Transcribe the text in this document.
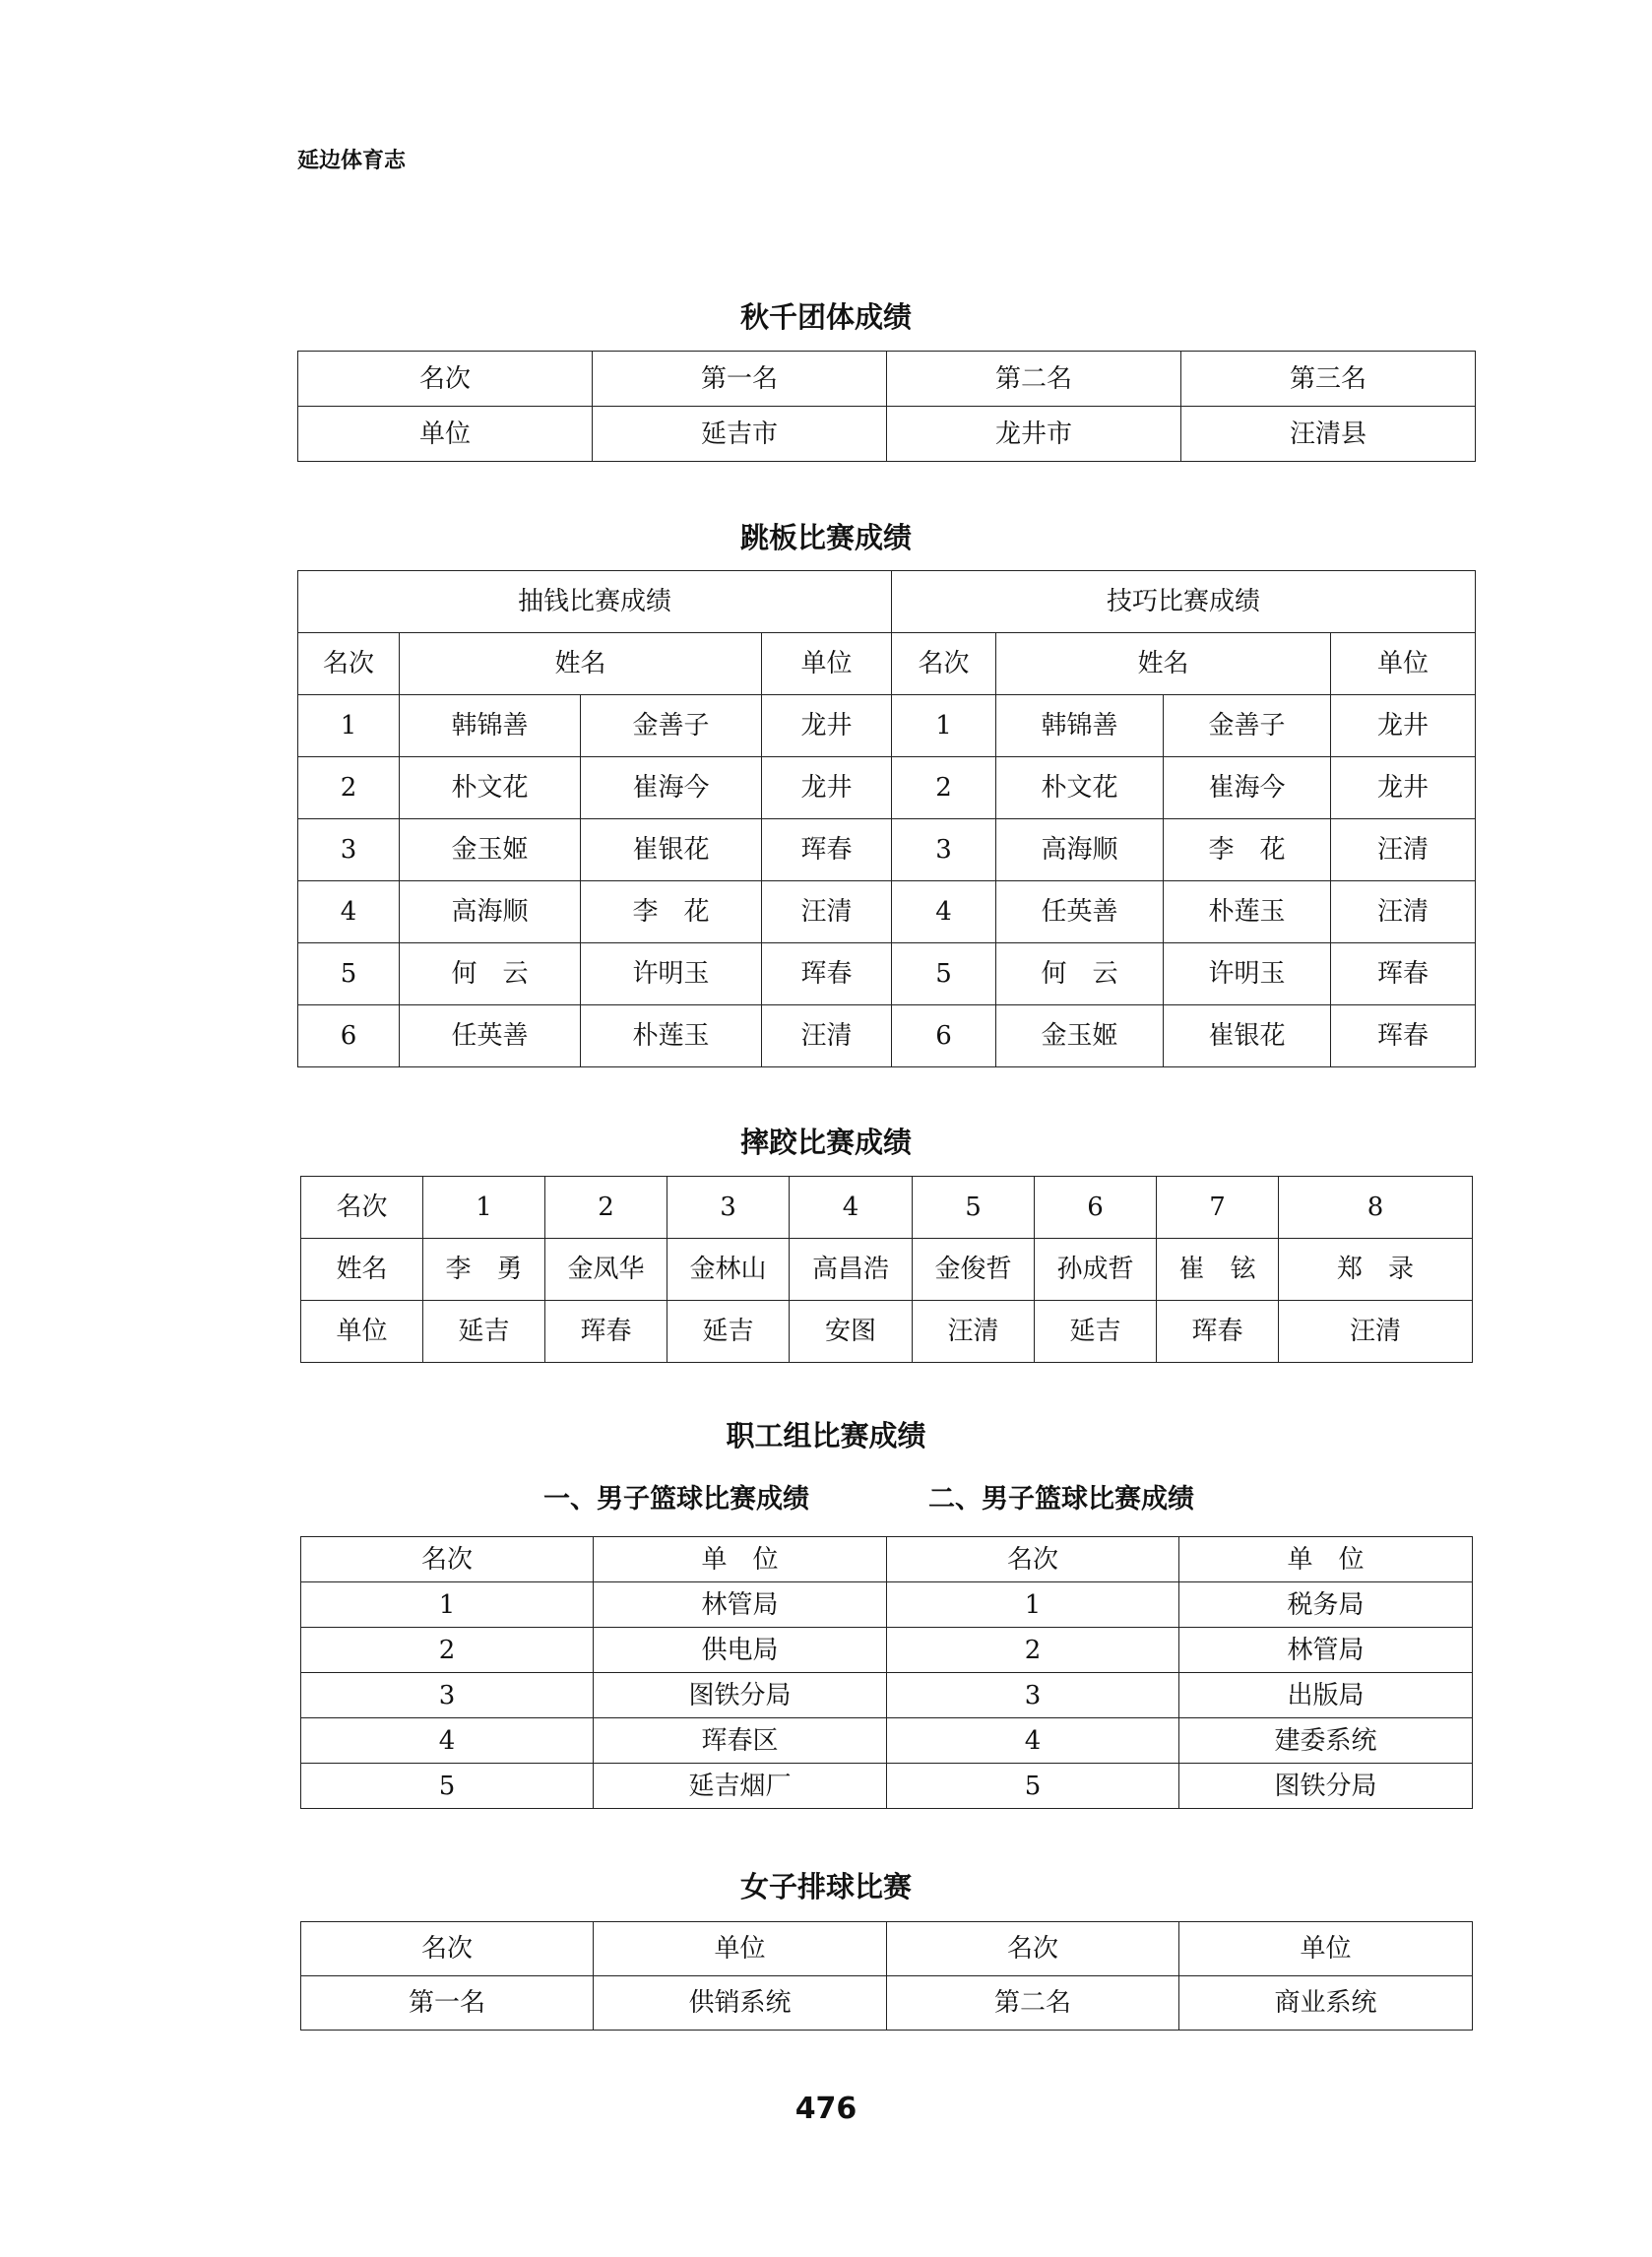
延边体育志
秋千团体成绩
名次	第一名	第二名	第三名
单位	延吉市	龙井市	汪清县
跳板比赛成绩
抽钱比赛成绩				技巧比赛成绩			
名次	姓名		单位	名次	姓名		单位
1	韩锦善	金善子	龙井	1	韩锦善	金善子	龙井
2	朴文花	崔海今	龙井	2	朴文花	崔海今	龙井
3	金玉姬	崔银花	珲春	3	高海顺	李　花	汪清
4	高海顺	李　花	汪清	4	任英善	朴莲玉	汪清
5	何　云	许明玉	珲春	5	何　云	许明玉	珲春
6	任英善	朴莲玉	汪清	6	金玉姬	崔银花	珲春
摔跤比赛成绩
名次	1	2	3	4	5	6	7	8
姓名	李　勇	金凤华	金林山	高昌浩	金俊哲	孙成哲	崔　铉	郑　录
单位	延吉	珲春	延吉	安图	汪清	延吉	珲春	汪清
职工组比赛成绩
一、男子篮球比赛成绩	二、男子篮球比赛成绩
名次	单　位	名次	单　位
1	林管局	1	税务局
2	供电局	2	林管局
3	图铁分局	3	出版局
4	珲春区	4	建委系统
5	延吉烟厂	5	图铁分局
女子排球比赛
名次	单位	名次	单位
第一名	供销系统	第二名	商业系统
476
